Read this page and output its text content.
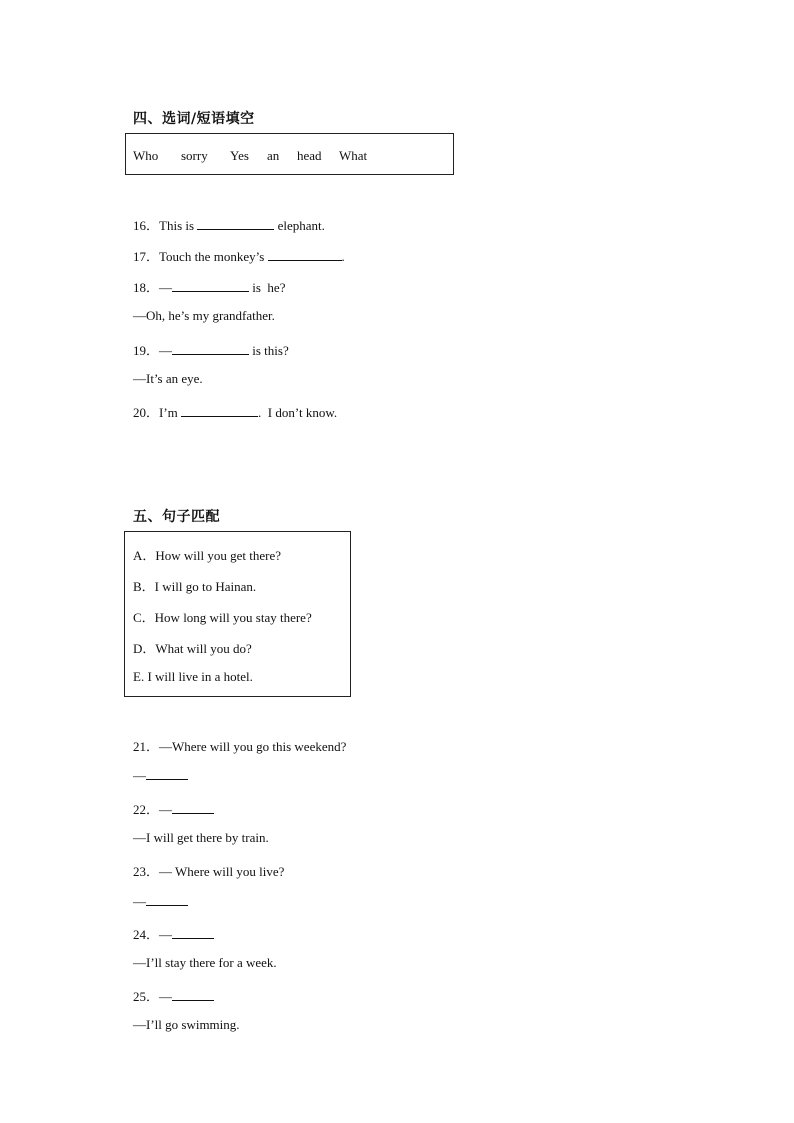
四、选词/短语填空
Who sorry Yes an head What
16．This is	elephant.
17．Touch the monkey’s	.
18．—	is  he?
—Oh, he’s my grandfather.
19．—	is this?
—It’s an eye.
20．I’m	.  I don’t know.
五、句子匹配
A．How will you get there?
B．I will go to Hainan.
C．How long will you stay there?
D．What will you do?
E. I will live in a hotel.
21．—Where will you go this weekend?
—
22．—
—I will get there by train.
23．— Where will you live?
—
24．—
—I’ll stay there for a week.
25．—
—I’ll go swimming.
